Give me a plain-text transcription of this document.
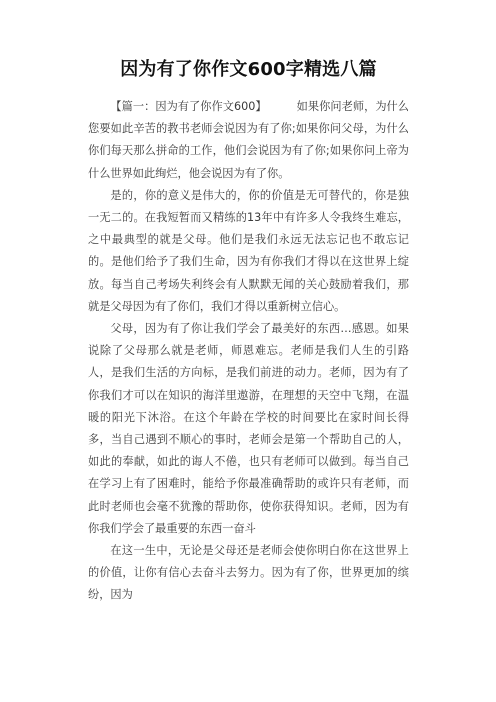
因为有了你作文600字精选八篇

【篇一：因为有了你作文600】	如果你问老师，为什么您要如此辛苦的教书老师会说因为有了你;如果你问父母，为什么你们每天那么拼命的工作，他们会说因为有了你;如果你问上帝为什么世界如此绚烂，他会说因为有了你。

是的，你的意义是伟大的，你的价值是无可替代的，你是独一无二的。在我短暂而又精练的13年中有许多人令我终生难忘，之中最典型的就是父母。他们是我们永远无法忘记也不敢忘记的。是他们给予了我们生命，因为有你我们才得以在这世界上绽放。每当自己考场失利终会有人默默无闻的关心鼓励着我们，那就是父母因为有了你们，我们才得以重新树立信心。

父母，因为有了你让我们学会了最美好的东西…感恩。如果说除了父母那么就是老师，师恩难忘。老师是我们人生的引路人，是我们生活的方向标，是我们前进的动力。老师，因为有了你我们才可以在知识的海洋里遨游，在理想的天空中飞翔，在温暖的阳光下沐浴。在这个年龄在学校的时间要比在家时间长得多，当自己遇到不顺心的事时，老师会是第一个帮助自己的人，如此的奉献，如此的诲人不倦，也只有老师可以做到。每当自己在学习上有了困难时，能给予你最准确帮助的或许只有老师，而此时老师也会毫不犹豫的帮助你，使你获得知识。老师，因为有你我们学会了最重要的东西一奋斗

在这一生中，无论是父母还是老师会使你明白你在这世界上的价值，让你有信心去奋斗去努力。因为有了你，世界更加的缤纷，因为
